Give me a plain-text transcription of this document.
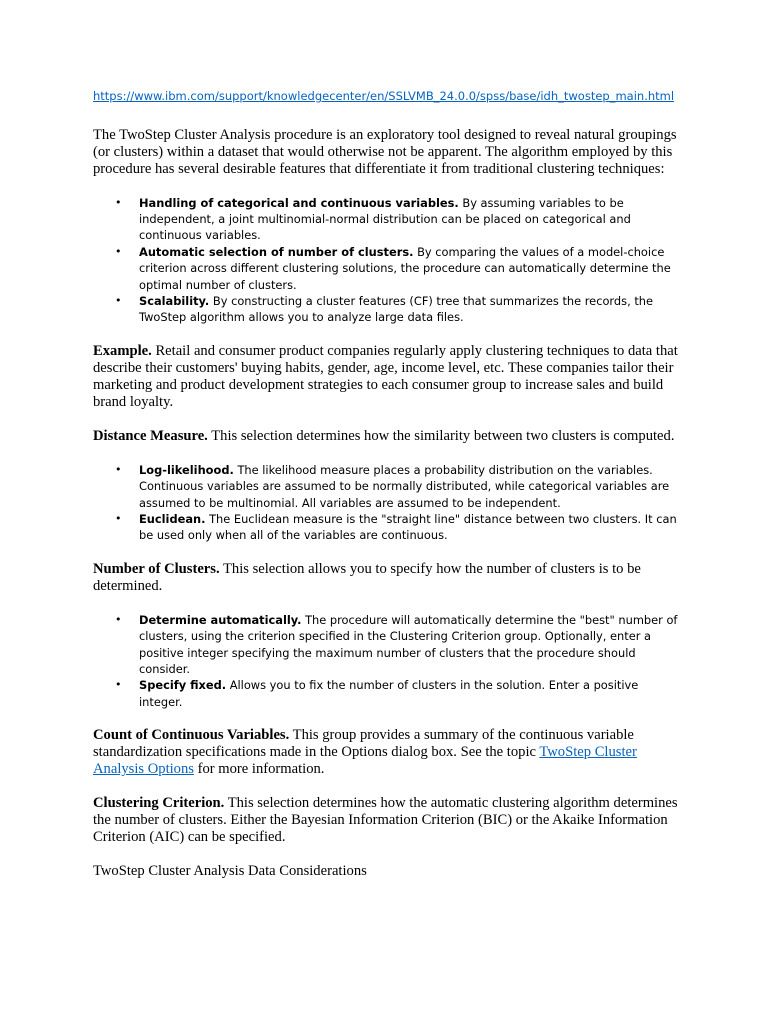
https://www.ibm.com/support/knowledgecenter/en/SSLVMB_24.0.0/spss/base/idh_twostep_main.html

The TwoStep Cluster Analysis procedure is an exploratory tool designed to reveal natural groupings (or clusters) within a dataset that would otherwise not be apparent. The algorithm employed by this procedure has several desirable features that differentiate it from traditional clustering techniques:

• Handling of categorical and continuous variables. By assuming variables to be independent, a joint multinomial-normal distribution can be placed on categorical and continuous variables.
• Automatic selection of number of clusters. By comparing the values of a model-choice criterion across different clustering solutions, the procedure can automatically determine the optimal number of clusters.
• Scalability. By constructing a cluster features (CF) tree that summarizes the records, the TwoStep algorithm allows you to analyze large data files.

Example. Retail and consumer product companies regularly apply clustering techniques to data that describe their customers' buying habits, gender, age, income level, etc. These companies tailor their marketing and product development strategies to each consumer group to increase sales and build brand loyalty.

Distance Measure. This selection determines how the similarity between two clusters is computed.

• Log-likelihood. The likelihood measure places a probability distribution on the variables. Continuous variables are assumed to be normally distributed, while categorical variables are assumed to be multinomial. All variables are assumed to be independent.
• Euclidean. The Euclidean measure is the "straight line" distance between two clusters. It can be used only when all of the variables are continuous.

Number of Clusters. This selection allows you to specify how the number of clusters is to be determined.

• Determine automatically. The procedure will automatically determine the "best" number of clusters, using the criterion specified in the Clustering Criterion group. Optionally, enter a positive integer specifying the maximum number of clusters that the procedure should consider.
• Specify fixed. Allows you to fix the number of clusters in the solution. Enter a positive integer.

Count of Continuous Variables. This group provides a summary of the continuous variable standardization specifications made in the Options dialog box. See the topic TwoStep Cluster Analysis Options for more information.

Clustering Criterion. This selection determines how the automatic clustering algorithm determines the number of clusters. Either the Bayesian Information Criterion (BIC) or the Akaike Information Criterion (AIC) can be specified.

TwoStep Cluster Analysis Data Considerations
